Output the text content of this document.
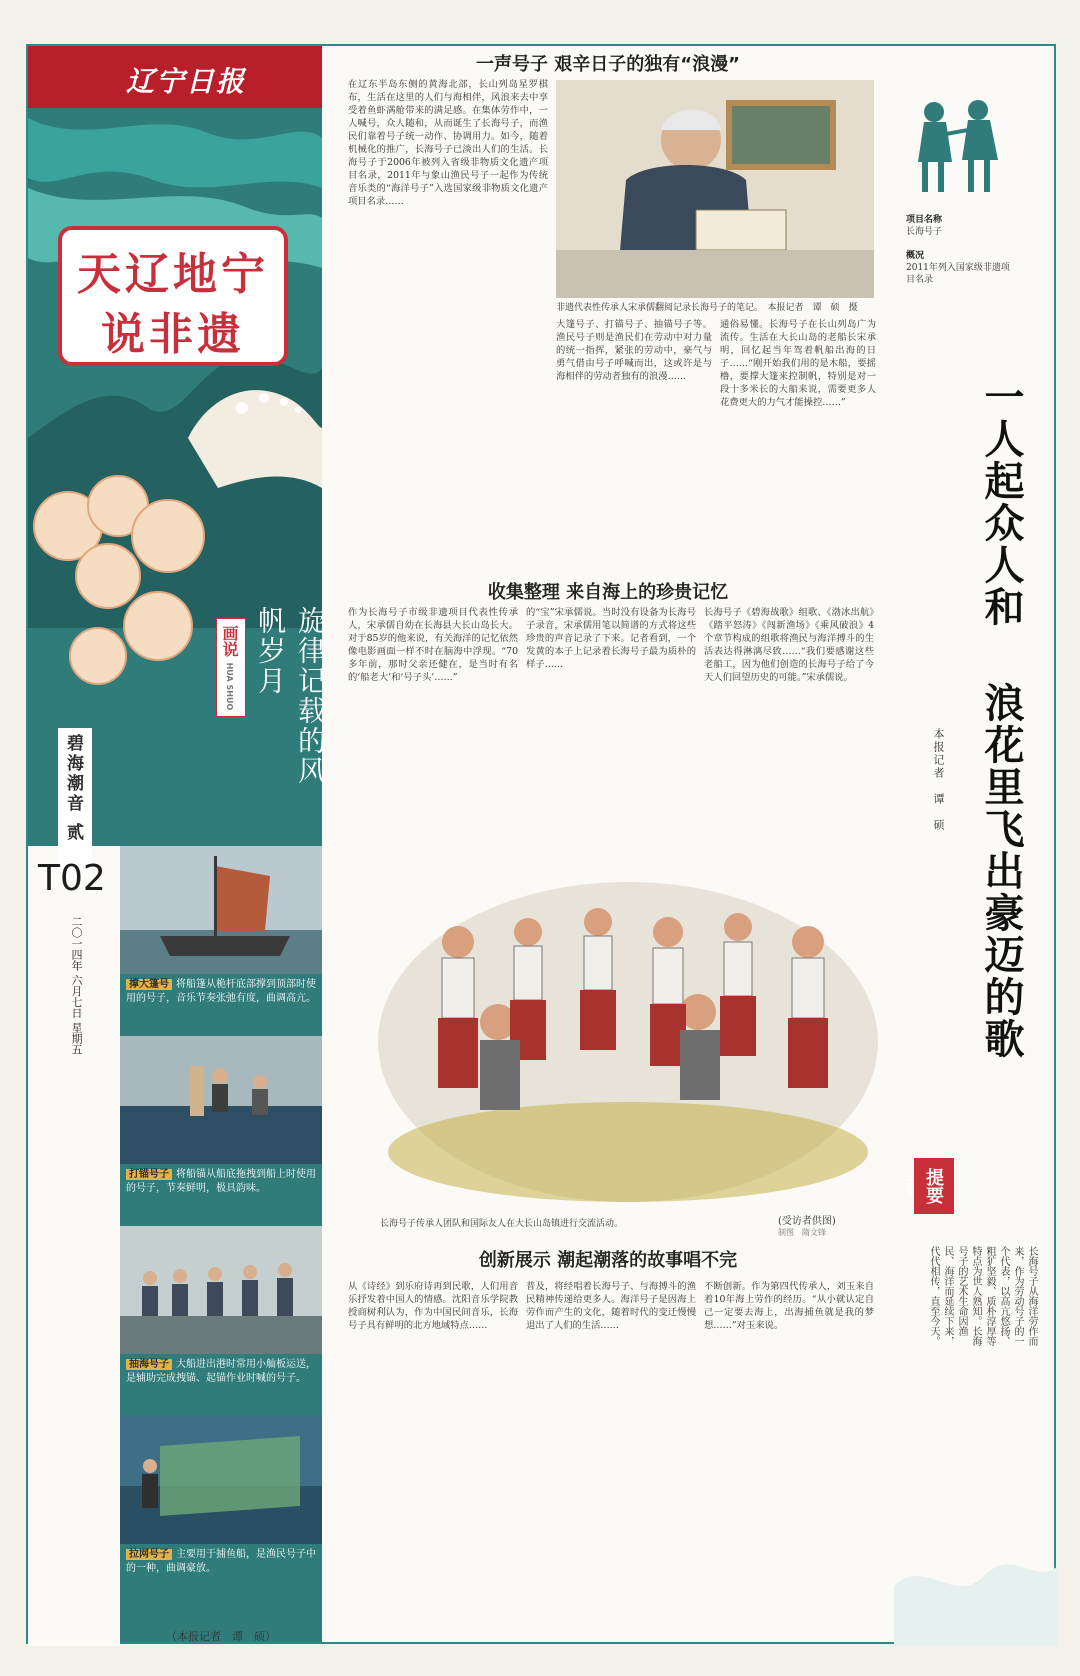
辽宁日报
天辽地宁
说非遗
画说 HUA SHUO	旋律记载的风帆岁月
碧海潮音 贰
T02
二〇一四年 六月七日 星期五	撑大篷号 将船篷从桅杆底部撑到顶部时使用的号子，音乐节奏张弛有度，曲调高亢。
打锚号子 将船锚从船底拖拽到船上时使用的号子，节奏鲜明，极具韵味。
抽海号子 大船进出港时常用小舢板运送，是辅助完成拽锚、起锚作业时喊的号子。
拉网号子 主要用于捕鱼船，是渔民号子中的一种，曲调豪放。
（本报记者　谭　硕）
一声号子 艰辛日子的独有“浪漫”
在辽东半岛东侧的黄海北部，长山列岛星罗棋布，生活在这里的人们与海相伴，风浪来去中享受着鱼虾满舱带来的满足感。在集体劳作中，一人喊号，众人随和，从而诞生了长海号子，而渔民们靠着号子统一动作、协调用力。如今，随着机械化的推广，长海号子已淡出人们的生活。长海号子于2006年被列入省级非物质文化遗产项目名录，2011年与象山渔民号子一起作为传统音乐类的“海洋号子”入选国家级非物质文化遗产项目名录……
非遗代表性传承人宋承儒翻阅记录长海号子的笔记。　本报记者　谭　硕　摄
大篷号子、打锚号子、抽锚号子等。渔民号子则是渔民们在劳动中对力量的统一指挥，紧张的劳动中，豪气与勇气借由号子呼喊而出，这或许是与海相伴的劳动者独有的浪漫……
通俗易懂。长海号子在长山列岛广为流传。生活在大长山岛的老船长宋承明，回忆起当年驾着帆船出海的日子……“刚开始我们用的是木船，要摇橹，要撑大篷来控制帆，特别是对一段十多米长的大船来说，需要更多人花费更大的力气才能操控……”
收集整理 来自海上的珍贵记忆
作为长海号子市级非遗项目代表性传承人，宋承儒自幼在长海县大长山岛长大。对于85岁的他来说，有关海洋的记忆依然像电影画面一样不时在脑海中浮现。“70多年前，那时父亲还健在，是当时有名的‘船老大’和‘号子头’……”
的“宝”宋承儒说。当时没有设备为长海号子录音，宋承儒用笔以简谱的方式将这些珍贵的声音记录了下来。记者看到，一个发黄的本子上记录着长海号子最为质朴的样子……
长海号子《碧海战歌》组歌、《渤冰出航》《踏平怒涛》《闯新渔场》《乘风破浪》4个章节构成的组歌将渔民与海洋搏斗的生活表达得淋漓尽致……“我们要感谢这些老船工，因为他们创造的长海号子给了今天人们回望历史的可能。”宋承儒说。
长海号子传承人团队和国际友人在大长山岛镇进行交流活动。	(受访者供图)
制图　隋文锋
创新展示 潮起潮落的故事唱不完
从《诗经》到乐府诗再到民歌，人们用音乐抒发着中国人的情感。沈阳音乐学院教授商树利认为，作为中国民间音乐，长海号子具有鲜明的北方地域特点……
普及，将经唱着长海号子、与海搏斗的渔民精神传递给更多人。海洋号子是因海上劳作而产生的文化，随着时代的变迁慢慢退出了人们的生活……
不断创新。作为第四代传承人，刘玉来自着10年海上劳作的经历。“从小就认定自己一定要去海上，出海捕鱼就是我的梦想……”对玉来说。
项目名称
长海号子
概况
2011年列入国家级非遗项目名录
一人起众人和
浪花里飞出豪迈的歌
本报记者　谭　硕
提要 TIYAO
长海号子从海洋劳作而来，作为劳动号子的一个代表，以高亢悠扬、粗犷坚毅、质朴淳厚等特点为世人熟知。长海号子的艺术生命因渔民、海洋而延续下来，代代相传，直至今天。
